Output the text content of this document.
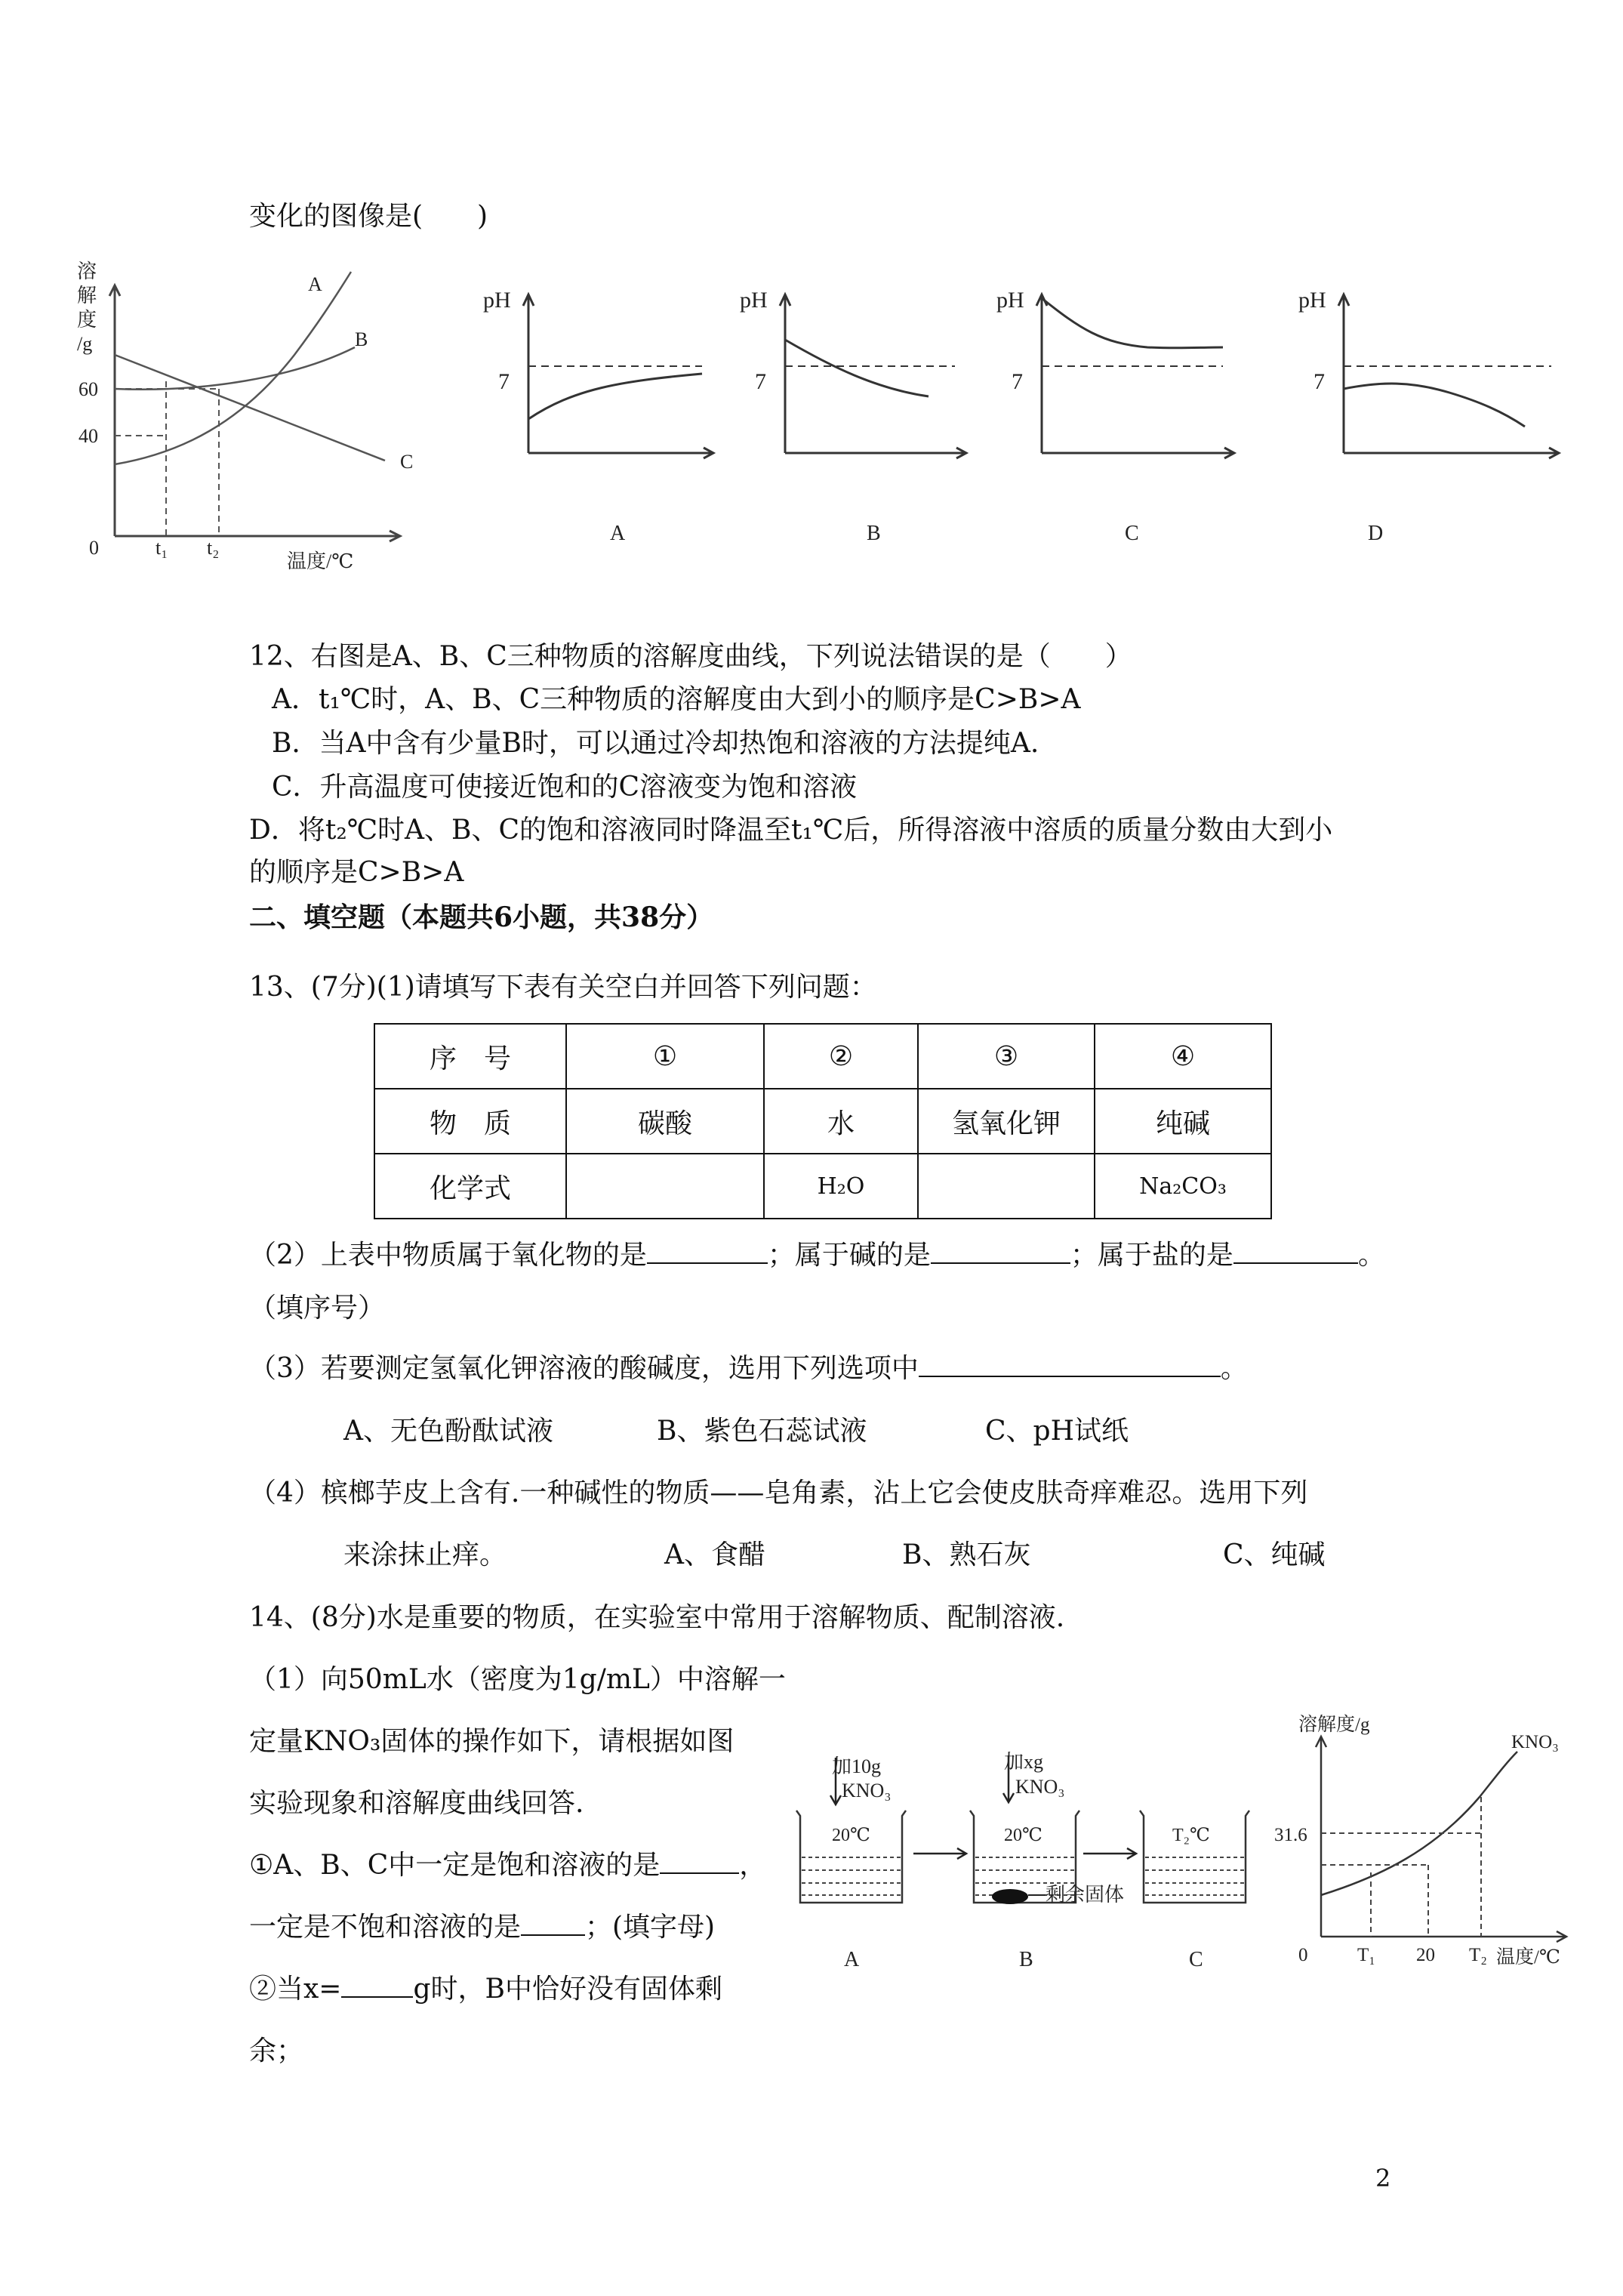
变化的图像是(　　)
溶
解
度
/g
60
40
0	t₁ t₂
温度/℃
A
B
C
pH
7
A
pH
7
B
pH
7
C
pH
7
D
12、右图是A、B、C三种物质的溶解度曲线，下列说法错误的是（　　）
A．t₁℃时，A、B、C三种物质的溶解度由大到小的顺序是C>B>A
B．当A中含有少量B时，可以通过冷却热饱和溶液的方法提纯A.
C．升高温度可使接近饱和的C溶液变为饱和溶液
D．将t₂℃时A、B、C的饱和溶液同时降温至t₁℃后，所得溶液中溶质的质量分数由大到小
的顺序是C>B>A
二、填空题（本题共6小题，共38分）
13、(7分)(1)请填写下表有关空白并回答下列问题：
序　号	①	②	③	④
物　质	碳酸	水	氢氧化钾	纯碱
化学式		H₂O		Na₂CO₃
（2）上表中物质属于氧化物的是	；属于碱的是	；属于盐的是	。
（填序号）
（3）若要测定氢氧化钾溶液的酸碱度，选用下列选项中	。
A、无色酚酞试液	B、紫色石蕊试液	C、pH试纸
（4）槟榔芋皮上含有.一种碱性的物质——皂角素，沾上它会使皮肤奇痒难忍。选用下列
来涂抹止痒。	A、食醋	B、熟石灰	C、纯碱
14、(8分)水是重要的物质，在实验室中常用于溶解物质、配制溶液.
（1）向50mL水（密度为1g/mL）中溶解一
定量KNO₃固体的操作如下，请根据如图
实验现象和溶解度曲线回答.
①A、B、C中一定是饱和溶液的是	，
一定是不饱和溶液的是 ；(填字母)
②当x=	g时，B中恰好没有固体剩
余；
加10g
KNO₃
加xg
KNO₃
20℃	20℃	T₂℃
剩余固体
A	B	C
溶解度/g
31.6
KNO₃
0	T₁ 20 T₂ 温度/℃
2
